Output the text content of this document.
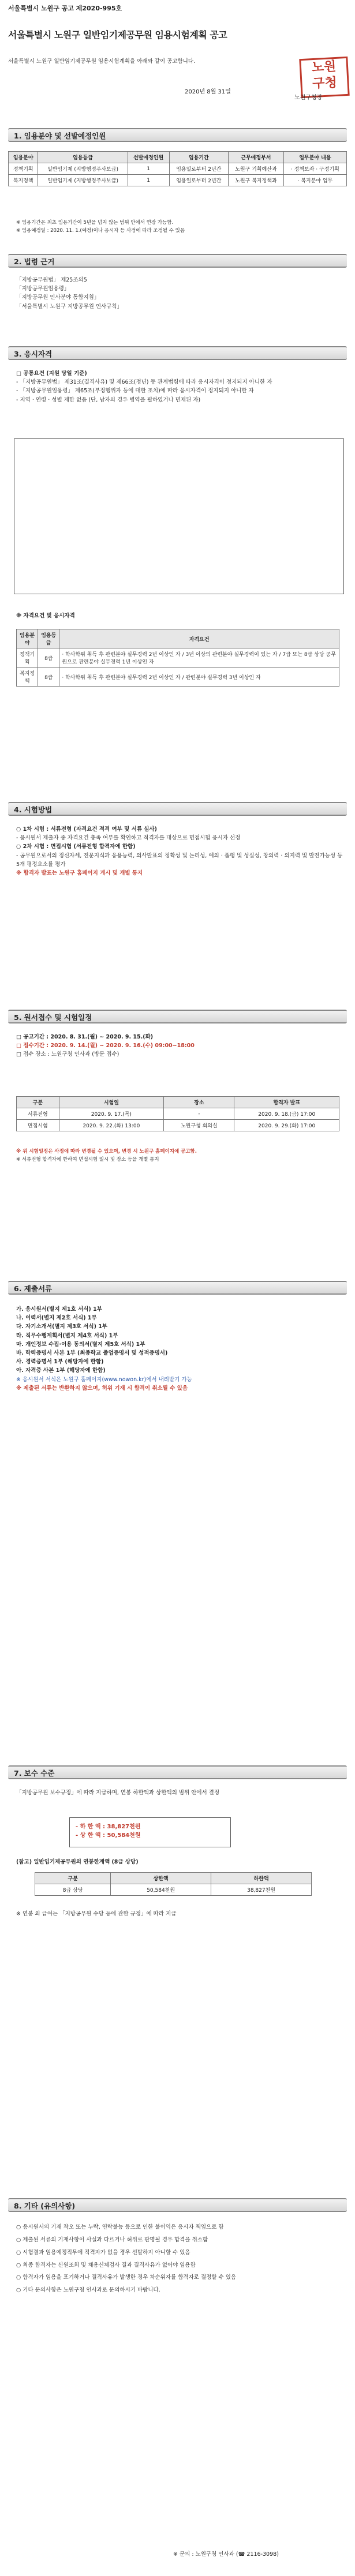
서울특별시 노원구 공고 제2020-995호
서울특별시 노원구 일반임기제공무원 임용시험계획 공고
서울특별시 노원구 일반임기제공무원 임용시험계획을 아래와 같이 공고합니다.
2020년 8월 31일
노원
구청
노원구청장
1. 임용분야 및 선발예정인원
임용분야	임용등급	선발예정인원	임용기간	근무예정부서	업무분야 내용
정책기획	일반임기제 (지방행정주사보급)	1	임용일로부터 2년간	노원구 기획예산과	· 정책보좌 · 구정기획
복지정책	일반임기제 (지방행정주사보급)	1	임용일로부터 2년간	노원구 복지정책과	· 복지분야 업무
※ 임용기간은 최초 임용기간이 5년을 넘지 않는 범위 안에서 연장 가능함.
※ 임용예정일 : 2020. 11. 1.(예정)이나 응시자 등 사정에 따라 조정될 수 있음
2. 법령 근거
「지방공무원법」 제25조의5
「지방공무원임용령」
「지방공무원 인사분야 통합지침」
「서울특별시 노원구 지방공무원 인사규칙」
3. 응시자격
□ 공통요건 (지원 당일 기준)
- 「지방공무원법」 제31조(결격사유) 및 제66조(정년) 등 관계법령에 따라 응시자격이 정지되지 아니한 자
- 「지방공무원임용령」 제65조(부정행위자 등에 대한 조치)에 따라 응시자격이 정지되지 아니한 자
- 지역 · 연령 · 성별 제한 없음 (단, 남자의 경우 병역을 필하였거나 면제된 자)
※ 자격요건 및 응시자격
임용분야	임용등급	자격요건
정책기획	8급	· 학사학위 취득 후 관련분야 실무경력 2년 이상인 자 / 3년 이상의 관련분야 실무경력이 있는 자 / 7급 또는 8급 상당 공무원으로 관련분야 실무경력 1년 이상인 자
복지정책	8급	· 학사학위 취득 후 관련분야 실무경력 2년 이상인 자 / 관련분야 실무경력 3년 이상인 자
4. 시험방법
○ 1차 시험 : 서류전형 (자격요건 적격 여부 및 서류 심사)
- 응시원서 제출자 중 자격요건 충족 여부를 확인하고 적격자를 대상으로 면접시험 응시자 선정
○ 2차 시험 : 면접시험 (서류전형 합격자에 한함)
- 공무원으로서의 정신자세, 전문지식과 응용능력, 의사발표의 정확성 및 논리성, 예의 · 품행 및 성실성, 창의력 · 의지력 및 발전가능성 등 5개 평정요소를 평가
※ 합격자 발표는 노원구 홈페이지 게시 및 개별 통지
5. 원서접수 및 시험일정
□ 공고기간 : 2020. 8. 31.(월) ~ 2020. 9. 15.(화)
□ 접수기간 : 2020. 9. 14.(월) ~ 2020. 9. 16.(수) 09:00~18:00
□ 접수 장소 : 노원구청 인사과 (방문 접수)
구분	시험일	장소	합격자 발표
서류전형	2020. 9. 17.(목)	-	2020. 9. 18.(금) 17:00
면접시험	2020. 9. 22.(화) 13:00	노원구청 회의실	2020. 9. 29.(화) 17:00
※ 위 시험일정은 사정에 따라 변경될 수 있으며, 변경 시 노원구 홈페이지에 공고함.
※ 서류전형 합격자에 한하여 면접시험 일시 및 장소 등을 개별 통지
6. 제출서류
가. 응시원서(별지 제1호 서식) 1부
나. 이력서(별지 제2호 서식) 1부
다. 자기소개서(별지 제3호 서식) 1부
라. 직무수행계획서(별지 제4호 서식) 1부
마. 개인정보 수집·이용 동의서(별지 제5호 서식) 1부
바. 학력증명서 사본 1부 (최종학교 졸업증명서 및 성적증명서)
사. 경력증명서 1부 (해당자에 한함)
아. 자격증 사본 1부 (해당자에 한함)
※ 응시원서 서식은 노원구 홈페이지(www.nowon.kr)에서 내려받기 가능
※ 제출된 서류는 반환하지 않으며, 허위 기재 시 합격이 취소될 수 있음
7. 보수 수준
「지방공무원 보수규정」에 따라 지급하며, 연봉 하한액과 상한액의 범위 안에서 결정
- 하 한 액 : 38,827천원
- 상 한 액 : 50,584천원
(참고) 일반임기제공무원의 연봉한계액 (8급 상당)
구분	상한액	하한액
8급 상당	50,584천원	38,827천원
※ 연봉 외 급여는 「지방공무원 수당 등에 관한 규정」에 따라 지급
8. 기타 (유의사항)
○ 응시원서의 기재 착오 또는 누락, 연락불능 등으로 인한 불이익은 응시자 책임으로 함
○ 제출된 서류의 기재사항이 사실과 다르거나 허위로 판명될 경우 합격을 취소함
○ 시험결과 임용예정직무에 적격자가 없을 경우 선발하지 아니할 수 있음
○ 최종 합격자는 신원조회 및 채용신체검사 결과 결격사유가 없어야 임용함
○ 합격자가 임용을 포기하거나 결격사유가 발생한 경우 차순위자를 합격자로 결정할 수 있음
○ 기타 문의사항은 노원구청 인사과로 문의하시기 바랍니다.
※ 문의 : 노원구청 인사과 (☎ 2116-3098)
